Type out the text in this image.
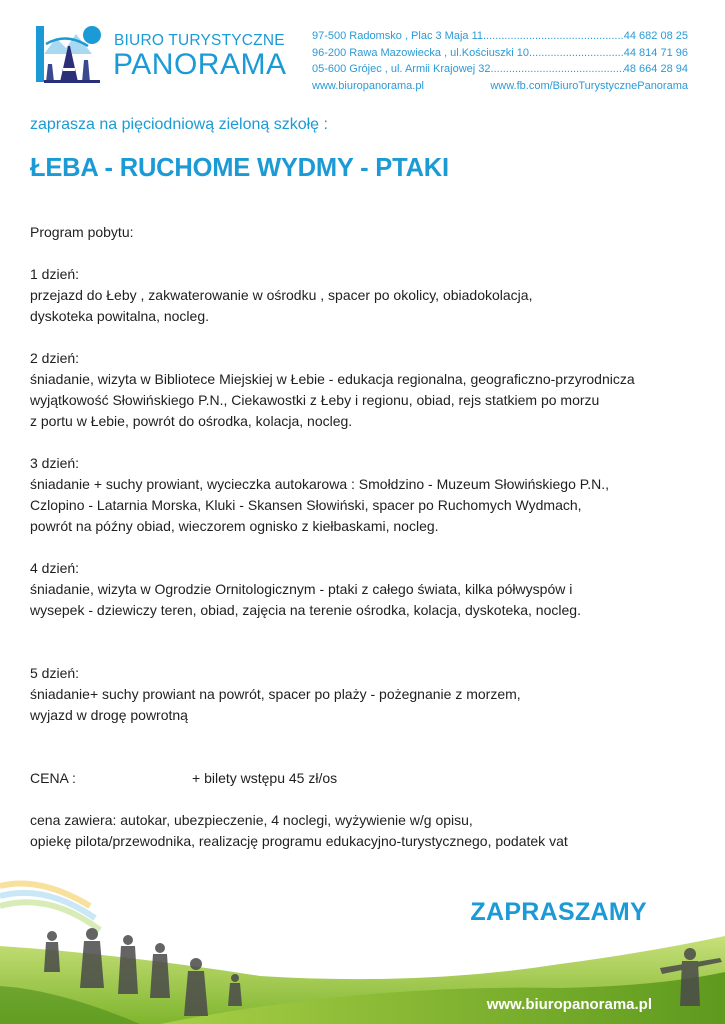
BIURO TURYSTYCZNE
PANORAMA
97-500 Radomsko , Plac 3 Maja 11 .....	44 682 08 25
96-200 Rawa Mazowiecka , ul.Kościuszki 10 .....	44 814 71 96
05-600 Grójec , ul. Armii Krajowej 32 .....	48 664 28 94
www.biuropanorama.pl	www.fb.com/BiuroTurystycznePanorama
zaprasza na pięciodniową zieloną szkołę :
ŁEBA - RUCHOME WYDMY - PTAKI

Program pobytu:

1 dzień:

przejazd do Łeby , zakwaterowanie w ośrodku , spacer po okolicy, obiadokolacja,

dyskoteka powitalna, nocleg.

2 dzień:

śniadanie, wizyta w Bibliotece Miejskiej w Łebie - edukacja regionalna, geograficzno-przyrodnicza

wyjątkowość Słowińskiego P.N., Ciekawostki z Łeby i regionu, obiad, rejs statkiem po morzu

z portu w Łebie, powrót do ośrodka, kolacja, nocleg.

3 dzień:

śniadanie + suchy prowiant, wycieczka autokarowa : Smołdzino - Muzeum Słowińskiego P.N.,

Czlopino - Latarnia Morska, Kluki - Skansen Słowiński, spacer po Ruchomych Wydmach,

powrót na późny obiad, wieczorem ognisko z kiełbaskami, nocleg.

4 dzień:

śniadanie, wizyta w Ogrodzie Ornitologicznym - ptaki z całego świata, kilka półwyspów i

wysepek - dziewiczy teren, obiad, zajęcia na terenie ośrodka, kolacja, dyskoteka, nocleg.

5 dzień:

śniadanie+ suchy prowiant na powrót, spacer po plaży - pożegnanie z morzem,

wyjazd w drogę powrotną

CENA :	+ bilety wstępu 45 zł/os

cena zawiera: autokar, ubezpieczenie, 4 noclegi, wyżywienie w/g opisu,

opiekę pilota/przewodnika, realizację programu edukacyjno-turystycznego, podatek vat

ZAPRASZAMY
www.biuropanorama.pl
